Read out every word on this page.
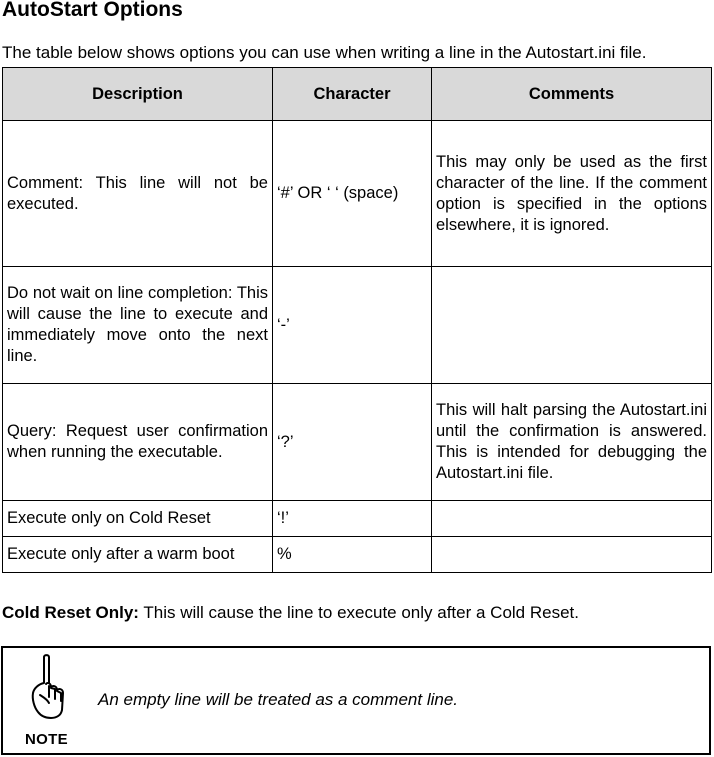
AutoStart Options

The table below shows options you can use when writing a line in the Autostart.ini file.

Description	Character	Comments
Comment: This line will not be executed.	‘#’ OR ‘ ‘ (space)	This may only be used as the first character of the line. If the comment option is specified in the options elsewhere, it is ignored.
Do not wait on line completion: This will cause the line to execute and immediately move onto the next line.	‘-’	
Query: Request user confirmation when running the executable.	‘?’	This will halt parsing the Autostart.ini until the confirmation is answered. This is intended for debugging the Autostart.ini file.
Execute only on Cold Reset	‘!’	
Execute only after a warm boot	%	

Cold Reset Only: This will cause the line to execute only after a Cold Reset.

NOTE
An empty line will be treated as a comment line.
